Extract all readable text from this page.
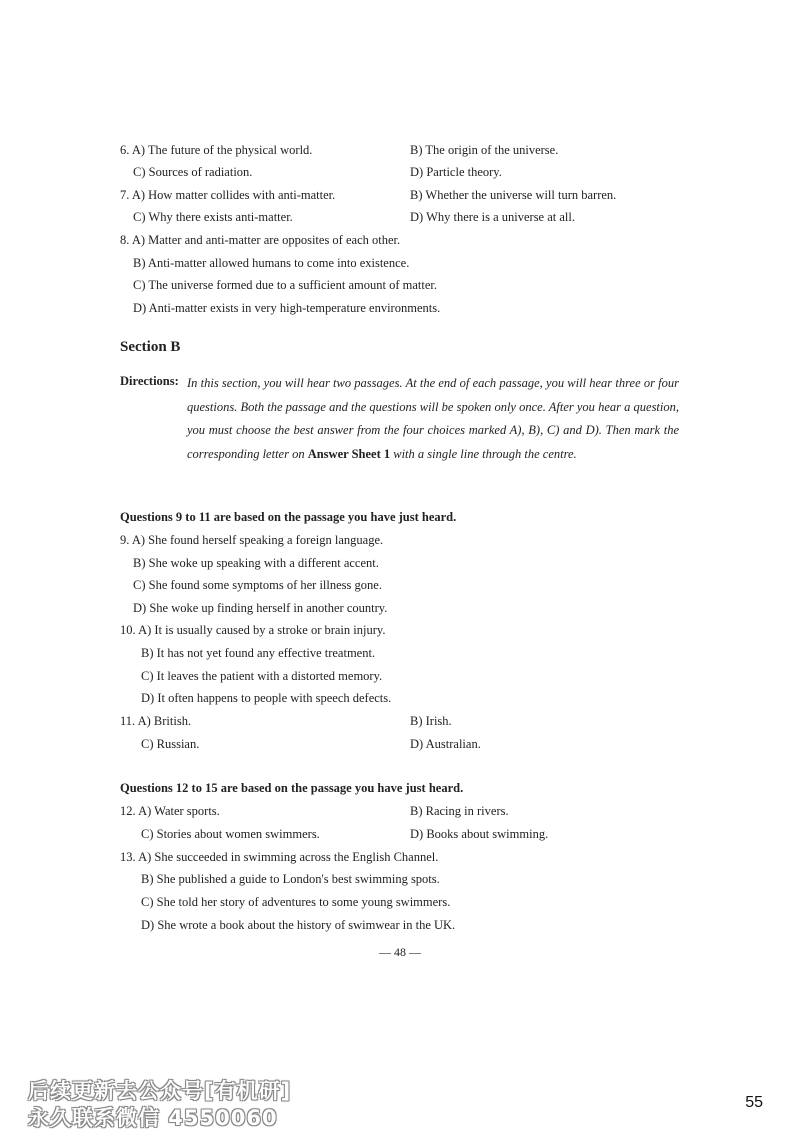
6. A) The future of the physical world.	B) The origin of the universe.
C) Sources of radiation.	D) Particle theory.
7. A) How matter collides with anti-matter.	B) Whether the universe will turn barren.
C) Why there exists anti-matter.	D) Why there is a universe at all.
8. A) Matter and anti-matter are opposites of each other.
B) Anti-matter allowed humans to come into existence.
C) The universe formed due to a sufficient amount of matter.
D) Anti-matter exists in very high-temperature environments.
Section B
Directions: In this section, you will hear two passages. At the end of each passage, you will hear three or four questions. Both the passage and the questions will be spoken only once. After you hear a question, you must choose the best answer from the four choices marked A), B), C) and D). Then mark the corresponding letter on Answer Sheet 1 with a single line through the centre.
Questions 9 to 11 are based on the passage you have just heard.
9. A) She found herself speaking a foreign language.
B) She woke up speaking with a different accent.
C) She found some symptoms of her illness gone.
D) She woke up finding herself in another country.
10. A) It is usually caused by a stroke or brain injury.
B) It has not yet found any effective treatment.
C) It leaves the patient with a distorted memory.
D) It often happens to people with speech defects.
11. A) British.	B) Irish.
C) Russian.	D) Australian.
Questions 12 to 15 are based on the passage you have just heard.
12. A) Water sports.	B) Racing in rivers.
C) Stories about women swimmers.	D) Books about swimming.
13. A) She succeeded in swimming across the English Channel.
B) She published a guide to London's best swimming spots.
C) She told her story of adventures to some young swimmers.
D) She wrote a book about the history of swimwear in the UK.
— 48 —
后续更新去公众号[有机研]
永久联系微信 4550060
55
